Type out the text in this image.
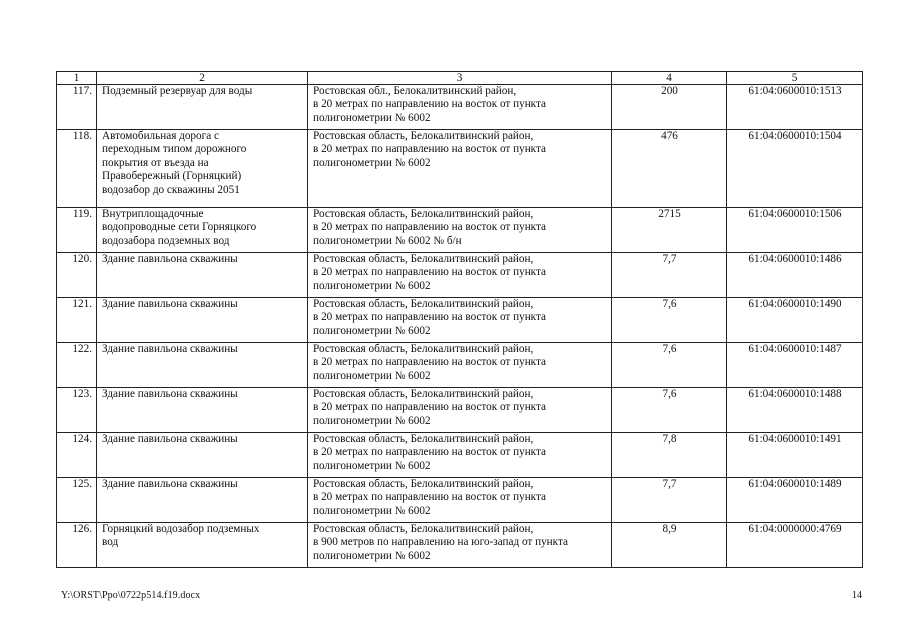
1	2	3	4	5
117.	Подземный резервуар для воды	Ростовская обл., Белокалитвинский район,
в 20 метрах по направлению на восток от пункта
полигонометрии № 6002	200	61:04:0600010:1513
118.	Автомобильная дорога с
переходным типом дорожного
покрытия от въезда на
Правобережный (Горняцкий)
водозабор до скважины 2051	Ростовская область, Белокалитвинский район,
в 20 метрах по направлению на восток от пункта
полигонометрии № 6002	476	61:04:0600010:1504
119.	Внутриплощадочные
водопроводные сети Горняцкого
водозабора подземных вод	Ростовская область, Белокалитвинский район,
в 20 метрах по направлению на восток от пункта
полигонометрии № 6002 № б/н	2715	61:04:0600010:1506
120.	Здание павильона скважины	Ростовская область, Белокалитвинский район,
в 20 метрах по направлению на восток от пункта
полигонометрии № 6002	7,7	61:04:0600010:1486
121.	Здание павильона скважины	Ростовская область, Белокалитвинский район,
в 20 метрах по направлению на восток от пункта
полигонометрии № 6002	7,6	61:04:0600010:1490
122.	Здание павильона скважины	Ростовская область, Белокалитвинский район,
в 20 метрах по направлению на восток от пункта
полигонометрии № 6002	7,6	61:04:0600010:1487
123.	Здание павильона скважины	Ростовская область, Белокалитвинский район,
в 20 метрах по направлению на восток от пункта
полигонометрии № 6002	7,6	61:04:0600010:1488
124.	Здание павильона скважины	Ростовская область, Белокалитвинский район,
в 20 метрах по направлению на восток от пункта
полигонометрии № 6002	7,8	61:04:0600010:1491
125.	Здание павильона скважины	Ростовская область, Белокалитвинский район,
в 20 метрах по направлению на восток от пункта
полигонометрии № 6002	7,7	61:04:0600010:1489
126.	Горняцкий водозабор подземных
вод	Ростовская область, Белокалитвинский район,
в 900 метров по направлению на юго-запад от пункта
полигонометрии № 6002	8,9	61:04:0000000:4769
Y:\ORST\Ppo\0722p514.f19.docx	14
